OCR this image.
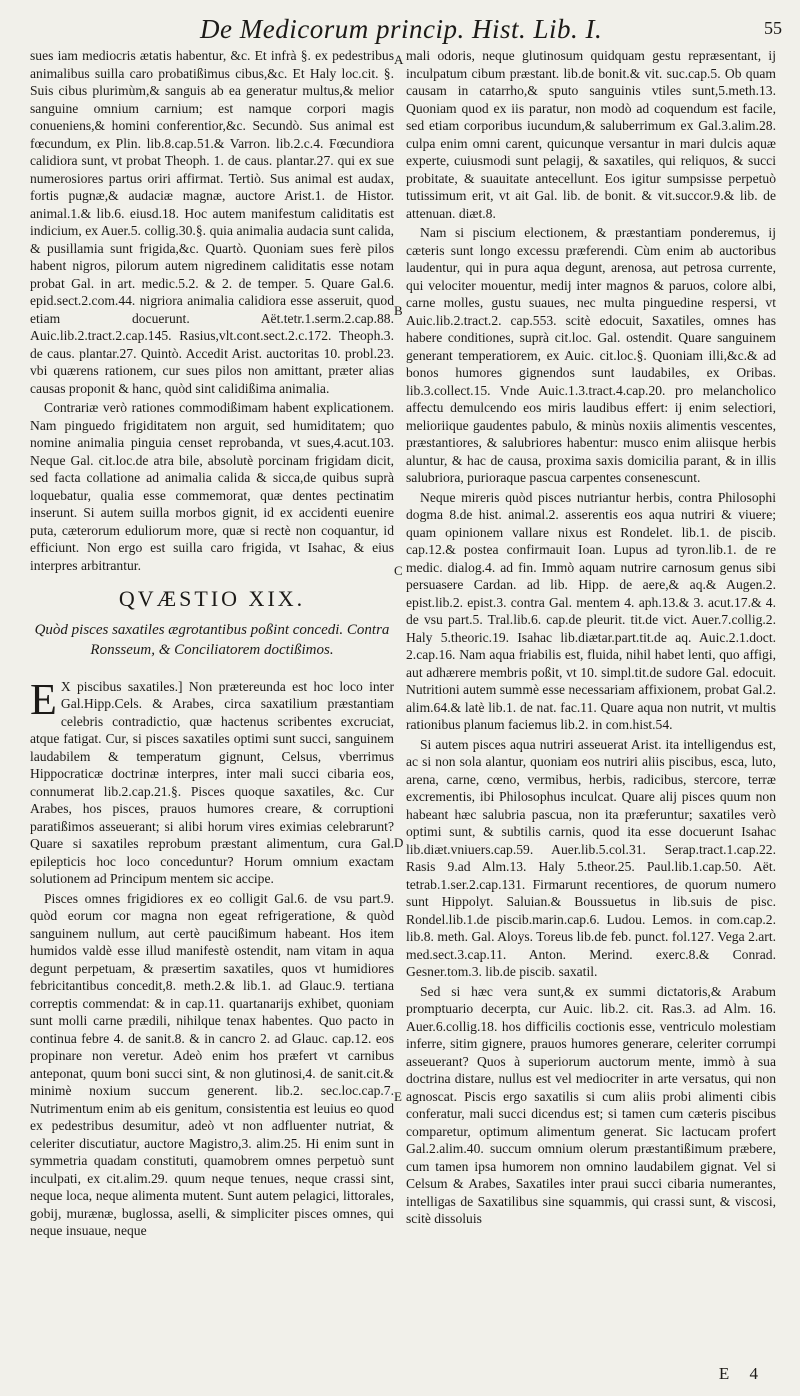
De Medicorum princip. Hist. Lib. I.	55
A
B
C
D
E

sues iam mediocris ætatis habentur, &c. Et infrà §. ex pedestribus animalibus suilla caro probatißimus cibus,&c. Et Haly loc.cit. §. Suis cibus plurimùm,& sanguis ab ea generatur multus,& melior sanguine omnium carnium; est namque corpori magis conueniens,& homini conferentior,&c. Secundò. Sus animal est fœcundum, ex Plin. lib.8.cap.51.& Varron. lib.2.c.4. Fœcundiora calidiora sunt, vt probat Theoph. 1. de caus. plantar.27. qui ex sue numerosiores partus oriri affirmat. Tertiò. Sus animal est audax, fortis pugnæ,& audaciæ magnæ, auctore Arist.1. de Histor. animal.1.& lib.6. eiusd.18. Hoc autem manifestum caliditatis est indicium, ex Auer.5. collig.30.§. quia animalia audacia sunt calida, & pusillamia sunt frigida,&c. Quartò. Quoniam sues ferè pilos habent nigros, pilorum autem nigredinem caliditatis esse notam probat Gal. in art. medic.5.2. & 2. de temper. 5. Quare Gal.6. epid.sect.2.com.44. nigriora animalia calidiora esse asseruit, quod etiam docuerunt. Aët.tetr.1.serm.2.cap.88. Auic.lib.2.tract.2.cap.145. Rasius,vlt.cont.sect.2.c.172. Theoph.3. de caus. plantar.27. Quintò. Accedit Arist. auctoritas 10. probl.23. vbi quærens rationem, cur sues pilos non amittant, præter alias causas proponit & hanc, quòd sint calidißima animalia.

Contrariæ verò rationes commodißimam habent explicationem. Nam pinguedo frigiditatem non arguit, sed humiditatem; quo nomine animalia pinguia censet reprobanda, vt sues,4.acut.103. Neque Gal. cit.loc.de atra bile, absolutè porcinam frigidam dicit, sed facta collatione ad animalia calida & sicca,de quibus suprà loquebatur, qualia esse commemorat, quæ dentes pectinatim inserunt. Si autem suilla morbos gignit, id ex accidenti euenire puta, cæterorum eduliorum more, quæ si rectè non coquantur, id efficiunt. Non ergo est suilla caro frigida, vt Isahac, & eius interpres arbitrantur.

QVÆSTIO XIX.
Quòd pisces saxatiles ægrotantibus poßint concedi. Contra Ronsseum, & Conciliatorem doctißimos.

E X piscibus saxatiles.] Non prætereunda est hoc loco inter Gal.Hipp.Cels. & Arabes, circa saxatilium præstantiam celebris contradictio, quæ hactenus scribentes excruciat, atque fatigat. Cur, si pisces saxatiles optimi sunt succi, sanguinem laudabilem & temperatum gignunt, Celsus, vberrimus Hippocraticæ doctrinæ interpres, inter mali succi cibaria eos, connumerat lib.2.cap.21.§. Pisces quoque saxatiles, &c. Cur Arabes, hos pisces, prauos humores creare, & corruptioni paratißimos asseuerant; si alibi horum vires eximias celebrarunt? Quare si saxatiles reprobum præstant alimentum, cura Gal. epilepticis hoc loco conceduntur? Horum omnium exactam solutionem ad Principum mentem sic accipe.

Pisces omnes frigidiores ex eo colligit Gal.6. de vsu part.9. quòd eorum cor magna non egeat refrigeratione, & quòd sanguinem nullum, aut certè paucißimum habeant. Hos item humidos valdè esse illud manifestè ostendit, nam vitam in aqua degunt perpetuam, & præsertim saxatiles, quos vt humidiores febricitantibus concedit,8. meth.2.& lib.1. ad Glauc.9. tertiana correptis commendat: & in cap.11. quartanarijs exhibet, quoniam sunt molli carne prædili, nihilque tenax habentes. Quo pacto in continua febre 4. de sanit.8. & in cancro 2. ad Glauc. cap.12. eos propinare non veretur. Adeò enim hos præfert vt carnibus anteponat, quum boni succi sint, & non glutinosi,4. de sanit.cit.& minimè noxium succum generent. lib.2. sec.loc.cap.7. Nutrimentum enim ab eis genitum, consistentia est leuius eo quod ex pedestribus desumitur, adeò vt non adfluenter nutriat, & celeriter discutiatur, auctore Magistro,3. alim.25. Hi enim sunt in symmetria quadam constituti, quamobrem omnes perpetuò sunt inculpati, ex cit.alim.29. quum neque tenues, neque crassi sint, neque loca, neque alimenta mutent. Sunt autem pelagici, littorales, gobij, murænæ, buglossa, aselli, & simpliciter pisces omnes, qui neque insuaue, neque

mali odoris, neque glutinosum quidquam gestu repræsentant, ij inculpatum cibum præstant. lib.de bonit.& vit. suc.cap.5. Ob quam causam in catarrho,& sputo sanguinis vtiles sunt,5.meth.13. Quoniam quod ex iis paratur, non modò ad coquendum est facile, sed etiam corporibus iucundum,& saluberrimum ex Gal.3.alim.28. culpa enim omni carent, quicunque versantur in mari dulcis aquæ experte, cuiusmodi sunt pelagij, & saxatiles, qui reliquos, & succi probitate, & suauitate antecellunt. Eos igitur sumpsisse perpetuò tutissimum erit, vt ait Gal. lib. de bonit. & vit.succor.9.& lib. de attenuan. diæt.8.

Nam si piscium electionem, & præstantiam ponderemus, ij cæteris sunt longo excessu præferendi. Cùm enim ab auctoribus laudentur, qui in pura aqua degunt, arenosa, aut petrosa currente, qui velociter mouentur, medij inter magnos & paruos, colore albi, carne molles, gustu suaues, nec multa pinguedine respersi, vt Auic.lib.2.tract.2. cap.553. scitè edocuit, Saxatiles, omnes has habere conditiones, suprà cit.loc. Gal. ostendit. Quare sanguinem generant temperatiorem, ex Auic. cit.loc.§. Quoniam illi,&c.& ad bonos humores gignendos sunt laudabiles, ex Oribas. lib.3.collect.15. Vnde Auic.1.3.tract.4.cap.20. pro melancholico affectu demulcendo eos miris laudibus effert: ij enim selectiori, melioriique gaudentes pabulo, & minùs noxiis alimentis vescentes, præstantiores, & salubriores habentur: musco enim aliisque herbis aluntur, & hac de causa, proxima saxis domicilia parant, & in illis salubriora, purioraque pascua carpentes consenescunt.

Neque mireris quòd pisces nutriantur herbis, contra Philosophi dogma 8.de hist. animal.2. asserentis eos aqua nutriri & viuere; quam opinionem vallare nixus est Rondelet. lib.1. de piscib. cap.12.& postea confirmauit Ioan. Lupus ad tyron.lib.1. de re medic. dialog.4. ad fin. Immò aquam nutrire carnosum genus sibi persuasere Cardan. ad lib. Hipp. de aere,& aq.& Augen.2. epist.lib.2. epist.3. contra Gal. mentem 4. aph.13.& 3. acut.17.& 4. de vsu part.5. Tral.lib.6. cap.de pleurit. tit.de vict. Auer.7.collig.2. Haly 5.theoric.19. Isahac lib.diætar.part.tit.de aq. Auic.2.1.doct. 2.cap.16. Nam aqua friabilis est, fluida, nihil habet lenti, quo affigi, aut adhærere membris poßit, vt 10. simpl.tit.de sudore Gal. edocuit. Nutritioni autem summè esse necessariam affixionem, probat Gal.2. alim.64.& latè lib.1. de nat. fac.11. Quare aqua non nutrit, vt multis rationibus planum faciemus lib.2. in com.hist.54.

Si autem pisces aqua nutriri asseuerat Arist. ita intelligendus est, ac si non sola alantur, quoniam eos nutriri aliis piscibus, esca, luto, arena, carne, cœno, vermibus, herbis, radicibus, stercore, terræ excrementis, ibi Philosophus inculcat. Quare alij pisces quum non habeant hæc salubria pascua, non ita præferuntur; saxatiles verò optimi sunt, & subtilis carnis, quod ita esse docuerunt Isahac lib.diæt.vniuers.cap.59. Auer.lib.5.col.31. Serap.tract.1.cap.22. Rasis 9.ad Alm.13. Haly 5.theor.25. Paul.lib.1.cap.50. Aët. tetrab.1.ser.2.cap.131. Firmarunt recentiores, de quorum numero sunt Hippolyt. Saluian.& Boussuetus in lib.suis de pisc. Rondel.lib.1.de piscib.marin.cap.6. Ludou. Lemos. in com.cap.2. lib.8. meth. Gal. Aloys. Toreus lib.de feb. punct. fol.127. Vega 2.art. med.sect.3.cap.11. Anton. Merind. exerc.8.& Conrad. Gesner.tom.3. lib.de piscib. saxatil.

Sed si hæc vera sunt,& ex summi dictatoris,& Arabum promptuario decerpta, cur Auic. lib.2. cit. Ras.3. ad Alm. 16. Auer.6.collig.18. hos difficilis coctionis esse, ventriculo molestiam inferre, sitim gignere, prauos humores generare, celeriter corrumpi asseuerant? Quos à superiorum auctorum mente, immò à sua doctrina distare, nullus est vel mediocriter in arte versatus, qui non agnoscat. Piscis ergo saxatilis si cum aliis probi alimenti cibis conferatur, mali succi dicendus est; si tamen cum cæteris piscibus comparetur, optimum alimentum generat. Sic lactucam profert Gal.2.alim.40. succum omnium olerum præstantißimum præbere, cum tamen ipsa humorem non omnino laudabilem gignat. Vel si Celsum & Arabes, Saxatiles inter praui succi cibaria numerantes, intelligas de Saxatilibus sine squammis, qui crassi sunt, & viscosi, scitè dissoluis

E 4
